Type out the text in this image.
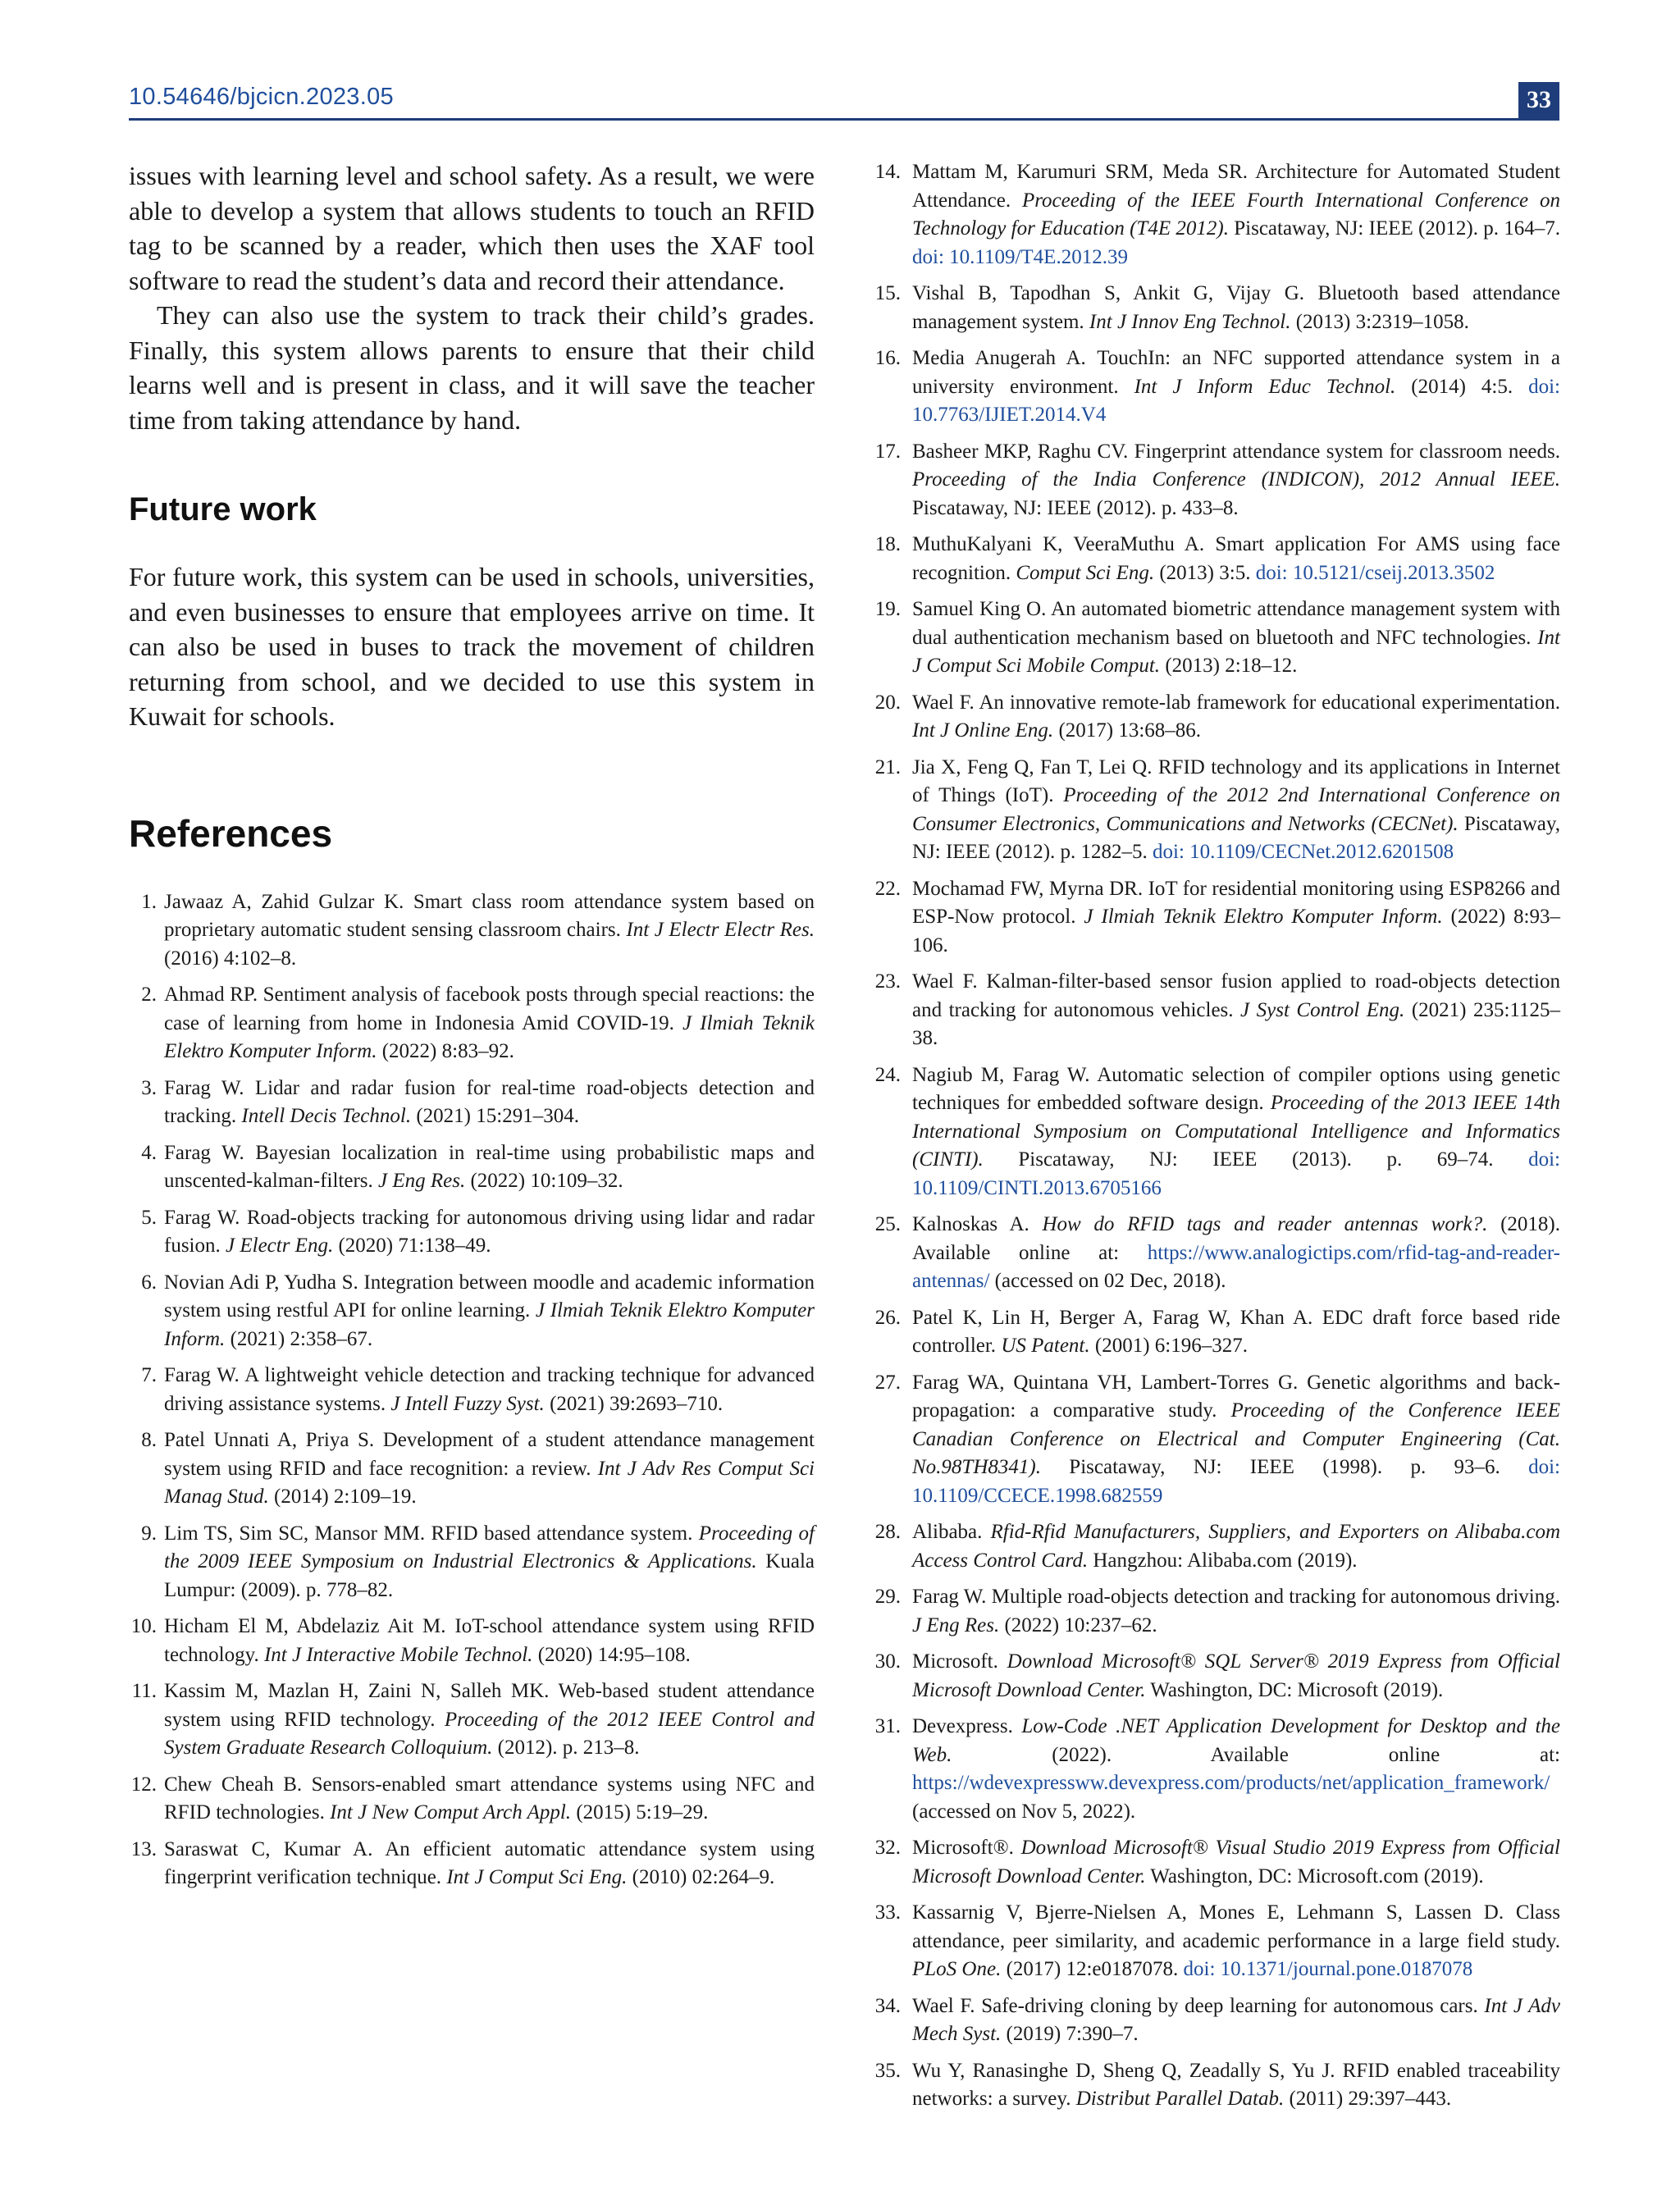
10.54646/bjcicn.2023.05	33

issues with learning level and school safety. As a result, we were able to develop a system that allows students to touch an RFID tag to be scanned by a reader, which then uses the XAF tool software to read the student’s data and record their attendance.

They can also use the system to track their child’s grades. Finally, this system allows parents to ensure that their child learns well and is present in class, and it will save the teacher time from taking attendance by hand.

Future work

For future work, this system can be used in schools, universities, and even businesses to ensure that employees arrive on time. It can also be used in buses to track the movement of children returning from school, and we decided to use this system in Kuwait for schools.

References
1. Jawaaz A, Zahid Gulzar K. Smart class room attendance system based on proprietary automatic student sensing classroom chairs. Int J Electr Electr Res. (2016) 4:102–8.
2. Ahmad RP. Sentiment analysis of facebook posts through special reactions: the case of learning from home in Indonesia Amid COVID-19. J Ilmiah Teknik Elektro Komputer Inform. (2022) 8:83–92.
3. Farag W. Lidar and radar fusion for real-time road-objects detection and tracking. Intell Decis Technol. (2021) 15:291–304.
4. Farag W. Bayesian localization in real-time using probabilistic maps and unscented-kalman-filters. J Eng Res. (2022) 10:109–32.
5. Farag W. Road-objects tracking for autonomous driving using lidar and radar fusion. J Electr Eng. (2020) 71:138–49.
6. Novian Adi P, Yudha S. Integration between moodle and academic information system using restful API for online learning. J Ilmiah Teknik Elektro Komputer Inform. (2021) 2:358–67.
7. Farag W. A lightweight vehicle detection and tracking technique for advanced driving assistance systems. J Intell Fuzzy Syst. (2021) 39:2693–710.
8. Patel Unnati A, Priya S. Development of a student attendance management system using RFID and face recognition: a review. Int J Adv Res Comput Sci Manag Stud. (2014) 2:109–19.
9. Lim TS, Sim SC, Mansor MM. RFID based attendance system. Proceeding of the 2009 IEEE Symposium on Industrial Electronics & Applications. Kuala Lumpur: (2009). p. 778–82.
10. Hicham El M, Abdelaziz Ait M. IoT-school attendance system using RFID technology. Int J Interactive Mobile Technol. (2020) 14:95–108.
11. Kassim M, Mazlan H, Zaini N, Salleh MK. Web-based student attendance system using RFID technology. Proceeding of the 2012 IEEE Control and System Graduate Research Colloquium. (2012). p. 213–8.
12. Chew Cheah B. Sensors-enabled smart attendance systems using NFC and RFID technologies. Int J New Comput Arch Appl. (2015) 5:19–29.
13. Saraswat C, Kumar A. An efficient automatic attendance system using fingerprint verification technique. Int J Comput Sci Eng. (2010) 02:264–9.
14. Mattam M, Karumuri SRM, Meda SR. Architecture for Automated Student Attendance. Proceeding of the IEEE Fourth International Conference on Technology for Education (T4E 2012). Piscataway, NJ: IEEE (2012). p. 164–7. doi: 10.1109/T4E.2012.39
15. Vishal B, Tapodhan S, Ankit G, Vijay G. Bluetooth based attendance management system. Int J Innov Eng Technol. (2013) 3:2319–1058.
16. Media Anugerah A. TouchIn: an NFC supported attendance system in a university environment. Int J Inform Educ Technol. (2014) 4:5. doi: 10.7763/IJIET.2014.V4
17. Basheer MKP, Raghu CV. Fingerprint attendance system for classroom needs. Proceeding of the India Conference (INDICON), 2012 Annual IEEE. Piscataway, NJ: IEEE (2012). p. 433–8.
18. MuthuKalyani K, VeeraMuthu A. Smart application For AMS using face recognition. Comput Sci Eng. (2013) 3:5. doi: 10.5121/cseij.2013.3502
19. Samuel King O. An automated biometric attendance management system with dual authentication mechanism based on bluetooth and NFC technologies. Int J Comput Sci Mobile Comput. (2013) 2:18–12.
20. Wael F. An innovative remote-lab framework for educational experimentation. Int J Online Eng. (2017) 13:68–86.
21. Jia X, Feng Q, Fan T, Lei Q. RFID technology and its applications in Internet of Things (IoT). Proceeding of the 2012 2nd International Conference on Consumer Electronics, Communications and Networks (CECNet). Piscataway, NJ: IEEE (2012). p. 1282–5. doi: 10.1109/CECNet.2012.6201508
22. Mochamad FW, Myrna DR. IoT for residential monitoring using ESP8266 and ESP-Now protocol. J Ilmiah Teknik Elektro Komputer Inform. (2022) 8:93–106.
23. Wael F. Kalman-filter-based sensor fusion applied to road-objects detection and tracking for autonomous vehicles. J Syst Control Eng. (2021) 235:1125–38.
24. Nagiub M, Farag W. Automatic selection of compiler options using genetic techniques for embedded software design. Proceeding of the 2013 IEEE 14th International Symposium on Computational Intelligence and Informatics (CINTI). Piscataway, NJ: IEEE (2013). p. 69–74. doi: 10.1109/CINTI.2013.6705166
25. Kalnoskas A. How do RFID tags and reader antennas work?. (2018). Available online at: https://www.analogictips.com/rfid-tag-and-reader-antennas/ (accessed on 02 Dec, 2018).
26. Patel K, Lin H, Berger A, Farag W, Khan A. EDC draft force based ride controller. US Patent. (2001) 6:196–327.
27. Farag WA, Quintana VH, Lambert-Torres G. Genetic algorithms and back-propagation: a comparative study. Proceeding of the Conference IEEE Canadian Conference on Electrical and Computer Engineering (Cat. No.98TH8341). Piscataway, NJ: IEEE (1998). p. 93–6. doi: 10.1109/CCECE.1998.682559
28. Alibaba. Rfid-Rfid Manufacturers, Suppliers, and Exporters on Alibaba.com Access Control Card. Hangzhou: Alibaba.com (2019).
29. Farag W. Multiple road-objects detection and tracking for autonomous driving. J Eng Res. (2022) 10:237–62.
30. Microsoft. Download Microsoft® SQL Server® 2019 Express from Official Microsoft Download Center. Washington, DC: Microsoft (2019).
31. Devexpress. Low-Code .NET Application Development for Desktop and the Web. (2022). Available online at: https://wdevexpressww.devexpress.com/products/net/application_framework/ (accessed on Nov 5, 2022).
32. Microsoft®. Download Microsoft® Visual Studio 2019 Express from Official Microsoft Download Center. Washington, DC: Microsoft.com (2019).
33. Kassarnig V, Bjerre-Nielsen A, Mones E, Lehmann S, Lassen D. Class attendance, peer similarity, and academic performance in a large field study. PLoS One. (2017) 12:e0187078. doi: 10.1371/journal.pone.0187078
34. Wael F. Safe-driving cloning by deep learning for autonomous cars. Int J Adv Mech Syst. (2019) 7:390–7.
35. Wu Y, Ranasinghe D, Sheng Q, Zeadally S, Yu J. RFID enabled traceability networks: a survey. Distribut Parallel Datab. (2011) 29:397–443.
